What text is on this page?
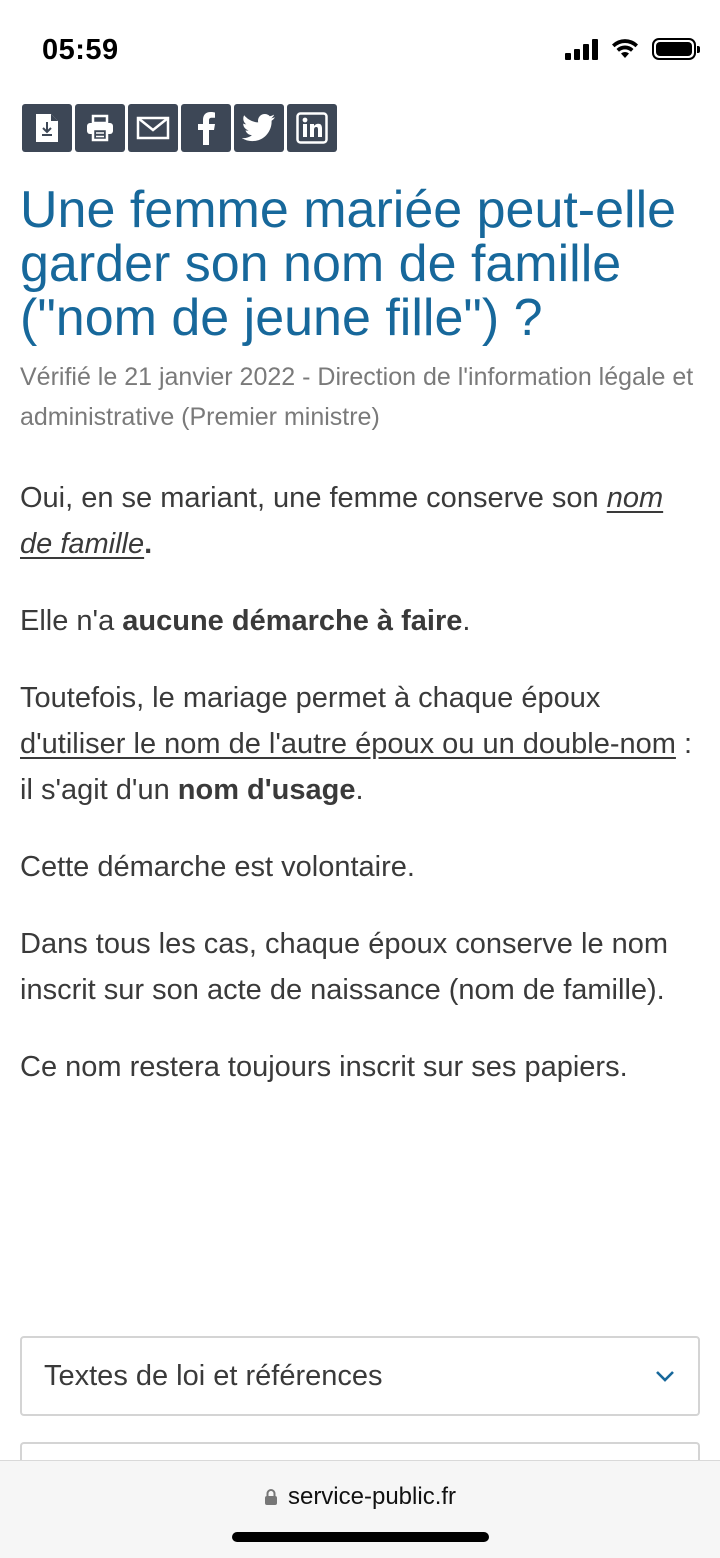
05:59
Une femme mariée peut-elle garder son nom de famille ("nom de jeune fille") ?
Vérifié le 21 janvier 2022 - Direction de l'information légale et administrative (Premier ministre)

Oui, en se mariant, une femme conserve son nom de famille.

Elle n'a aucune démarche à faire.

Toutefois, le mariage permet à chaque époux d'utiliser le nom de l'autre époux ou un double-nom : il s'agit d'un nom d'usage.

Cette démarche est volontaire.

Dans tous les cas, chaque époux conserve le nom inscrit sur son acte de naissance (nom de famille).

Ce nom restera toujours inscrit sur ses papiers.

Textes de loi et références
service-public.fr
